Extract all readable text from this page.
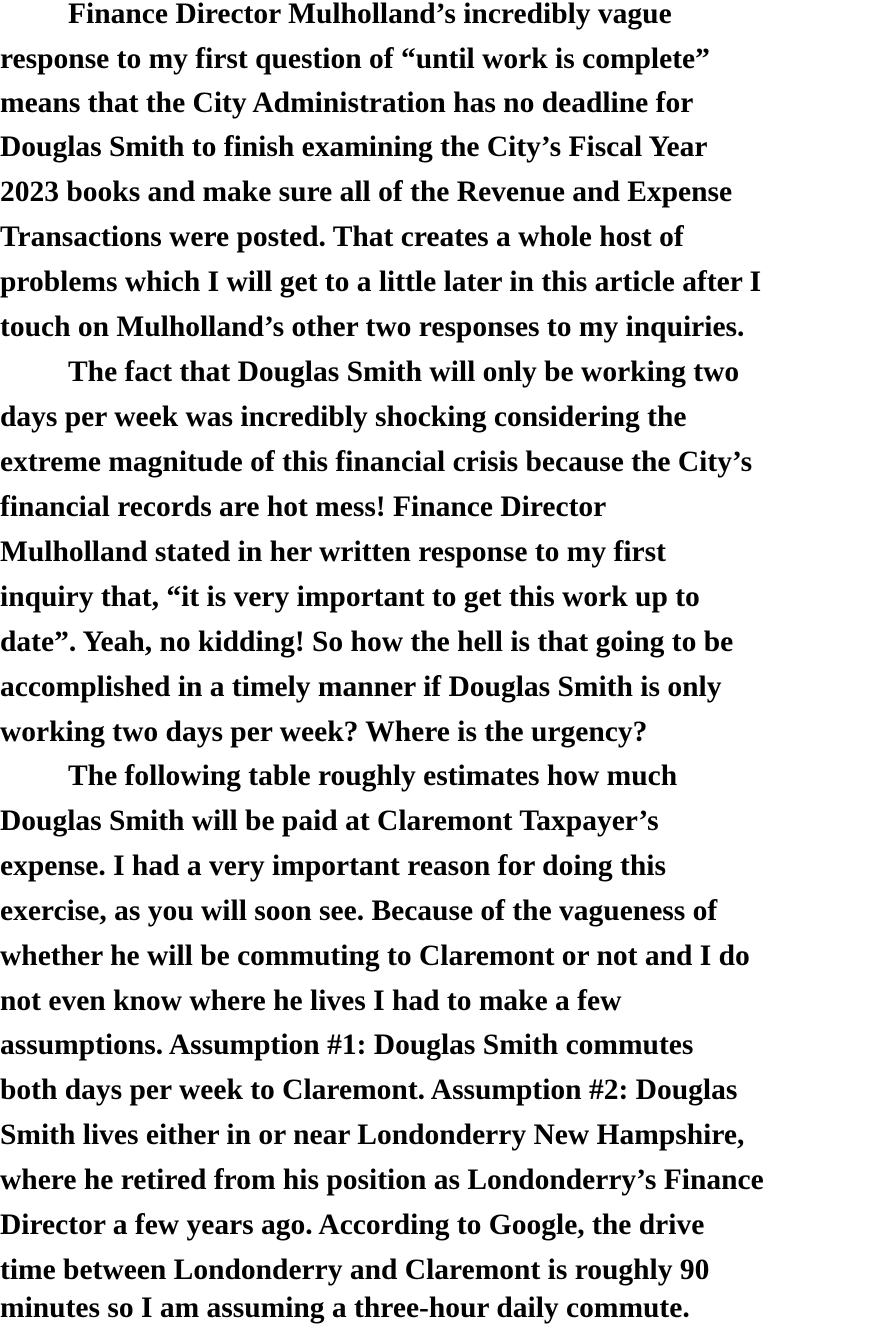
Finance Director Mulholland’s incredibly vague
response to my first question of “until work is complete”
means that the City Administration has no deadline for
Douglas Smith to finish examining the City’s Fiscal Year
2023 books and make sure all of the Revenue and Expense
Transactions were posted. That creates a whole host of
problems which I will get to a little later in this article after I
touch on Mulholland’s other two responses to my inquiries.
The fact that Douglas Smith will only be working two
days per week was incredibly shocking considering the
extreme magnitude of this financial crisis because the City’s
financial records are hot mess! Finance Director
Mulholland stated in her written response to my first
inquiry that, “it is very important to get this work up to
date”. Yeah, no kidding! So how the hell is that going to be
accomplished in a timely manner if Douglas Smith is only
working two days per week? Where is the urgency?
The following table roughly estimates how much
Douglas Smith will be paid at Claremont Taxpayer’s
expense. I had a very important reason for doing this
exercise, as you will soon see. Because of the vagueness of
whether he will be commuting to Claremont or not and I do
not even know where he lives I had to make a few
assumptions. Assumption #1: Douglas Smith commutes
both days per week to Claremont. Assumption #2: Douglas
Smith lives either in or near Londonderry New Hampshire,
where he retired from his position as Londonderry’s Finance
Director a few years ago. According to Google, the drive
time between Londonderry and Claremont is roughly 90
minutes so I am assuming a three-hour daily commute.
